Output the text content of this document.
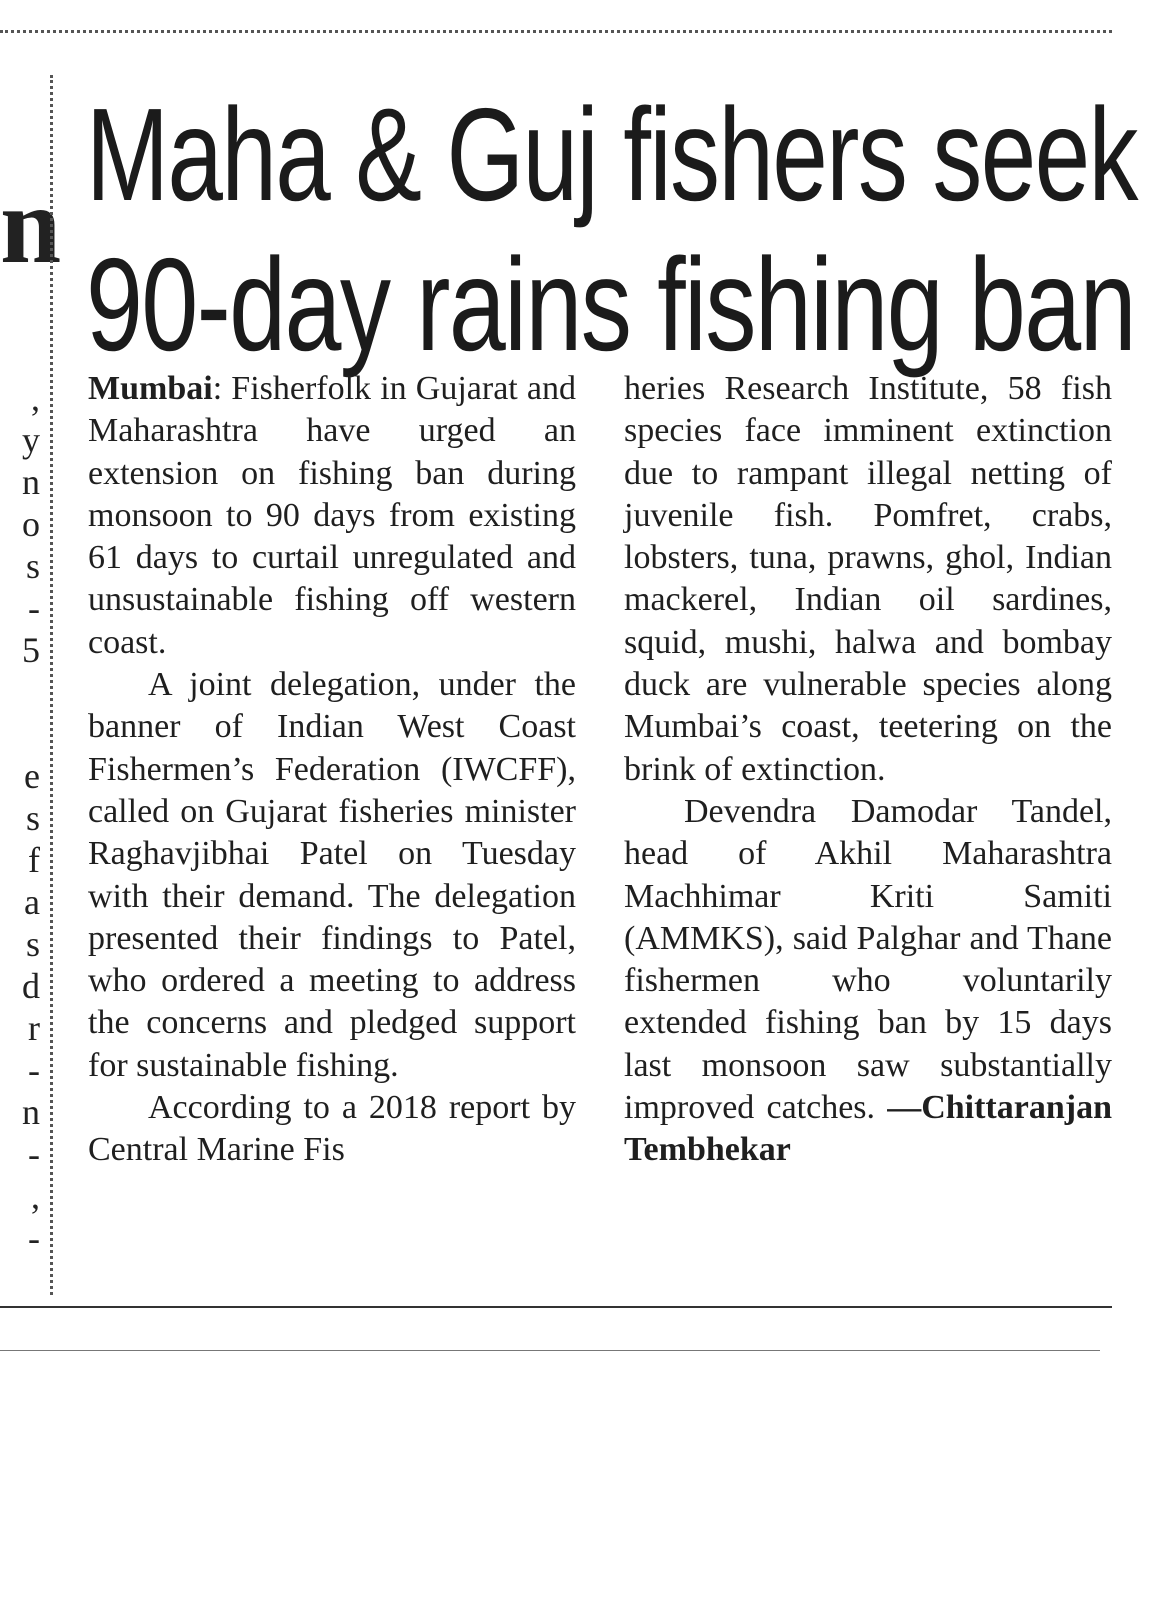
n
,
y
n
o
s
-
5
e
s
f
a
s
d
r
-
n
-
,
-
Maha & Guj fishers seek
90-day rains fishing ban

Mumbai: Fisherfolk in Gujarat and Maharashtra have urged an extension on fishing ban during monsoon to 90 days from existing 61 days to curtail unregulated and unsustainable fishing off western coast.

A joint delegation, under the banner of Indian West Coast Fishermen’s Federation (IWCFF), called on Gujarat fisheries minister Raghavjibhai Patel on Tuesday with their demand. The delegation presented their findings to Patel, who ordered a meeting to address the concerns and pledged support for sustainable fishing.

According to a 2018 report by Central Marine Fis

heries Research Institute, 58 fish species face imminent extinction due to rampant illegal netting of juvenile fish. Pomfret, crabs, lobsters, tuna, prawns, ghol, Indian mackerel, Indian oil sardines, squid, mushi, halwa and bombay duck are vulnerable species along Mumbai’s coast, teetering on the brink of extinction.

Devendra Damodar Tandel, head of Akhil Maharashtra Machhimar Kriti Samiti (AMMKS), said Palghar and Thane fishermen who voluntarily extended fishing ban by 15 days last monsoon saw substantially improved catches. —Chittaranjan Tembhekar
